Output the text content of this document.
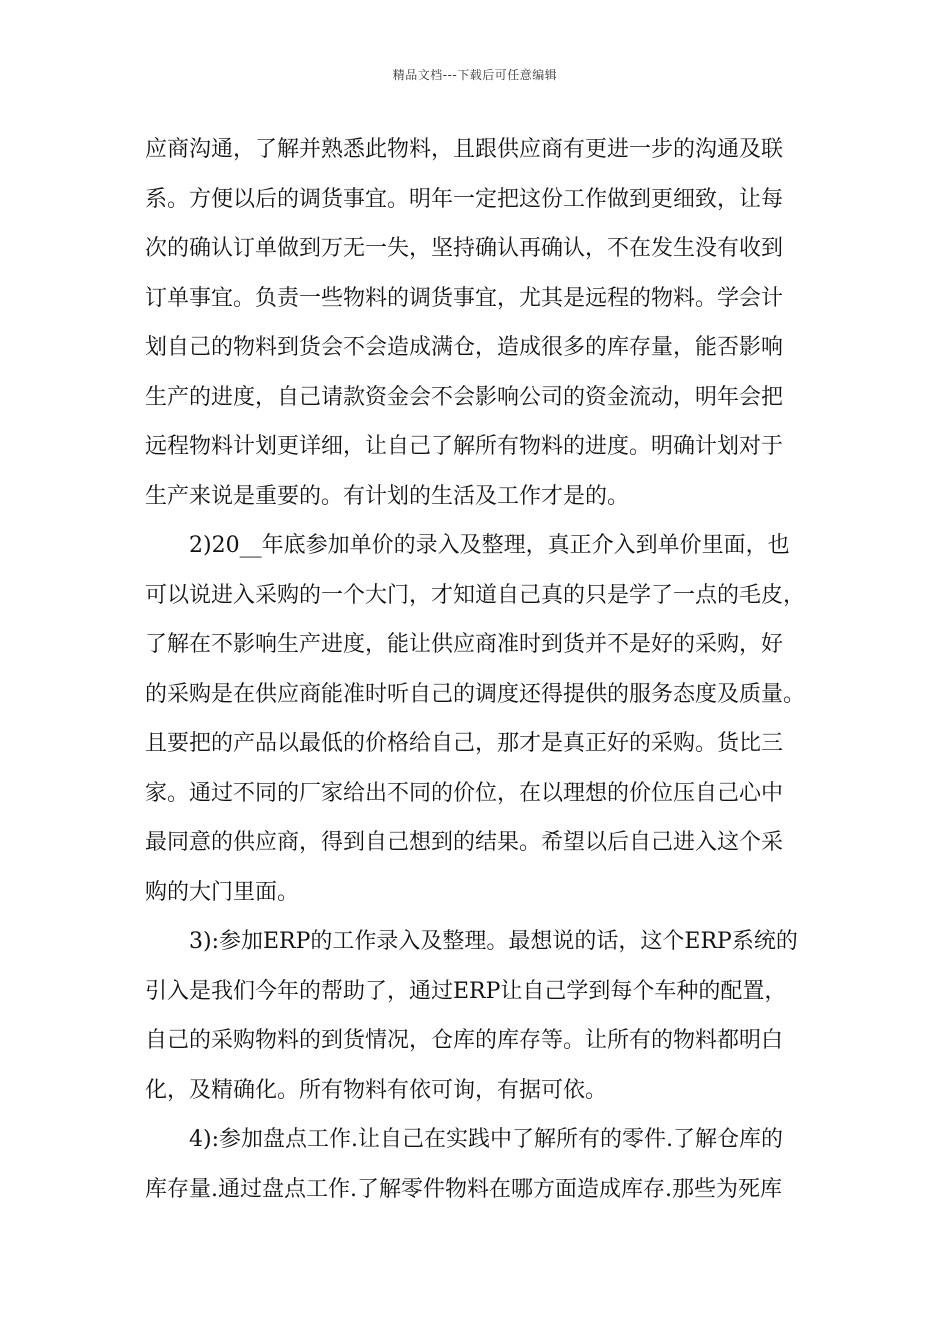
精品文档---下载后可任意编辑
应商沟通，了解并熟悉此物料，且跟供应商有更进一步的沟通及联
系。方便以后的调货事宜。明年一定把这份工作做到更细致，让每
次的确认订单做到万无一失，坚持确认再确认，不在发生没有收到
订单事宜。负责一些物料的调货事宜，尤其是远程的物料。学会计
划自己的物料到货会不会造成满仓，造成很多的库存量，能否影响
生产的进度，自己请款资金会不会影响公司的资金流动，明年会把
远程物料计划更详细，让自己了解所有物料的进度。明确计划对于
生产来说是重要的。有计划的生活及工作才是的。
2)20__年底参加单价的录入及整理，真正介入到单价里面，也
可以说进入采购的一个大门，才知道自己真的只是学了一点的毛皮，
了解在不影响生产进度，能让供应商准时到货并不是好的采购，好
的采购是在供应商能准时听自己的调度还得提供的服务态度及质量。
且要把的产品以最低的价格给自己，那才是真正好的采购。货比三
家。通过不同的厂家给出不同的价位，在以理想的价位压自己心中
最同意的供应商，得到自己想到的结果。希望以后自己进入这个采
购的大门里面。
3):参加ERP的工作录入及整理。最想说的话，这个ERP系统的
引入是我们今年的帮助了，通过ERP让自己学到每个车种的配置，
自己的采购物料的到货情况，仓库的库存等。让所有的物料都明白
化，及精确化。所有物料有依可询，有据可依。
4):参加盘点工作.让自己在实践中了解所有的零件.了解仓库的
库存量.通过盘点工作.了解零件物料在哪方面造成库存.那些为死库
